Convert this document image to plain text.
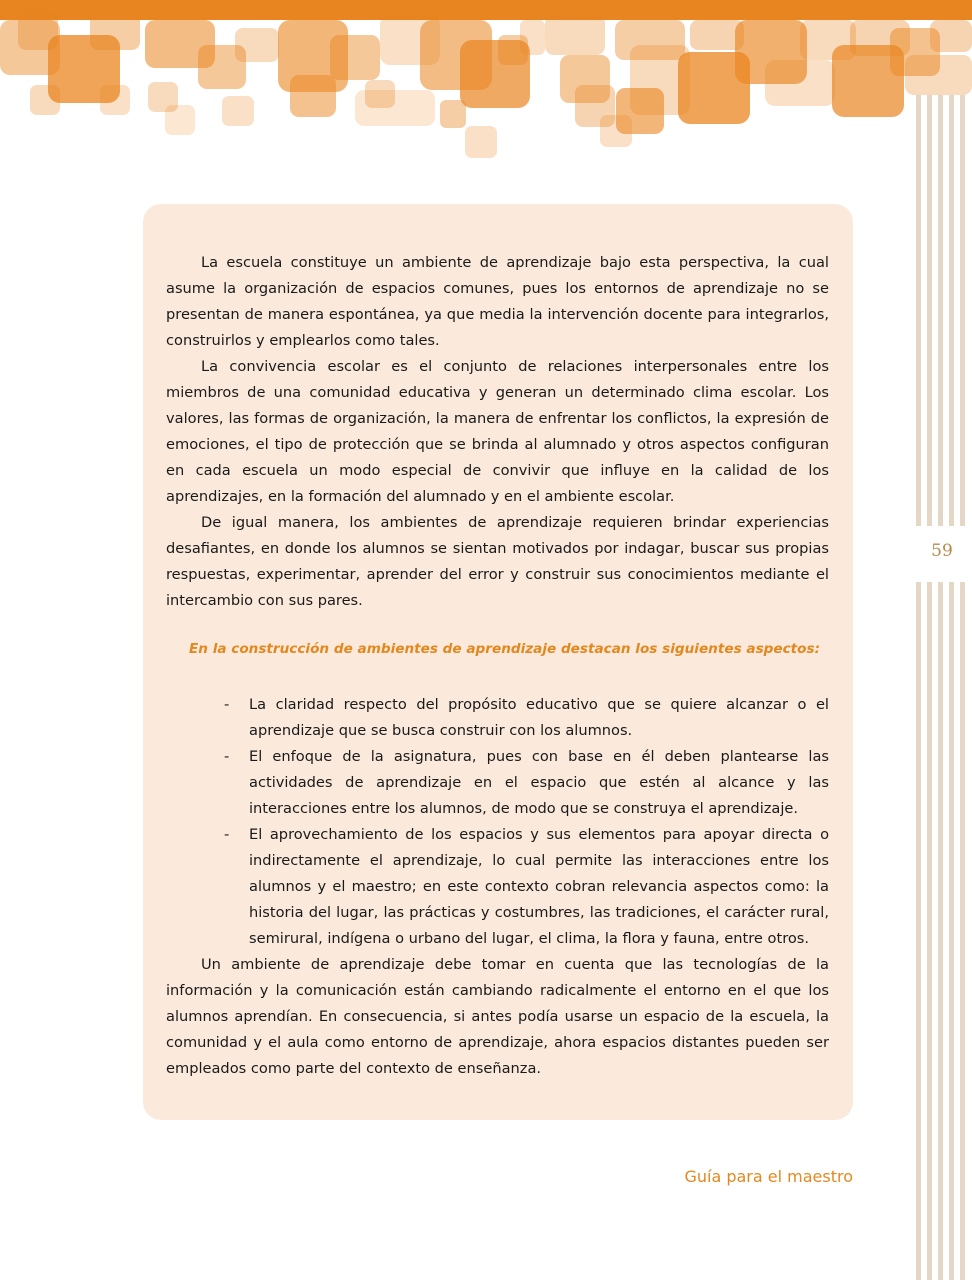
59

La escuela constituye un ambiente de aprendizaje bajo esta perspectiva, la cual asume la organización de espacios comunes, pues los entornos de aprendizaje no se presentan de manera espontánea, ya que media la intervención docente para integrarlos, construirlos y emplearlos como tales.

La convivencia escolar es el conjunto de relaciones interpersonales entre los miembros de una comunidad educativa y generan un determinado clima escolar. Los valores, las formas de organización, la manera de enfrentar los conflictos, la expresión de emociones, el tipo de protección que se brinda al alumnado y otros aspectos configuran en cada escuela un modo especial de convivir que influye en la calidad de los aprendizajes, en la formación del alumnado y en el ambiente escolar.

De igual manera, los ambientes de aprendizaje requieren brindar experiencias desafiantes, en donde los alumnos se sientan motivados por indagar, buscar sus propias respuestas, experimentar, aprender del error y construir sus conocimientos mediante el intercambio con sus pares.

En la construcción de ambientes de aprendizaje destacan los siguientes aspectos:

- La claridad respecto del propósito educativo que se quiere alcanzar o el aprendizaje que se busca construir con los alumnos.
- El enfoque de la asignatura, pues con base en él deben plantearse las actividades de aprendizaje en el espacio que estén al alcance y las interacciones entre los alumnos, de modo que se construya el aprendizaje.
- El aprovechamiento de los espacios y sus elementos para apoyar directa o indirectamente el aprendizaje, lo cual permite las interacciones entre los alumnos y el maestro; en este contexto cobran relevancia aspectos como: la historia del lugar, las prácticas y costumbres, las tradiciones, el carácter rural, semirural, indígena o urbano del lugar, el clima, la flora y fauna, entre otros.

Un ambiente de aprendizaje debe tomar en cuenta que las tecnologías de la información y la comunicación están cambiando radicalmente el entorno en el que los alumnos aprendían. En consecuencia, si antes podía usarse un espacio de la escuela, la comunidad y el aula como entorno de aprendizaje, ahora espacios distantes pueden ser empleados como parte del contexto de enseñanza.

Guía para el maestro
